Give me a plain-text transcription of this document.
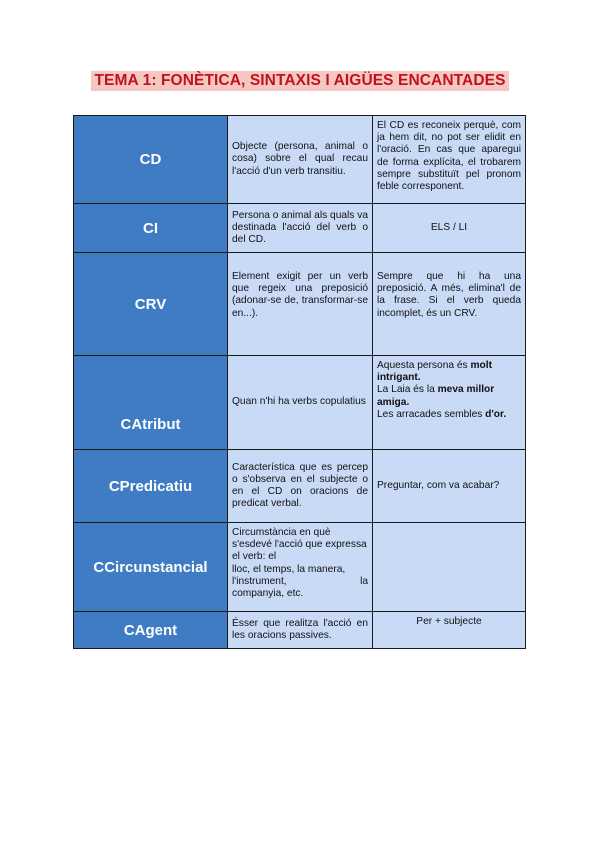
TEMA 1: FONÈTICA, SINTAXIS I AIGÜES ENCANTADES
CD	Objecte (persona, animal o cosa) sobre el qual recau l'acció d'un verb transitiu.	El CD es reconeix perquè, com ja hem dit, no pot ser elidit en l'oració. En cas que aparegui de forma explícita, el trobarem sempre substituït pel pronom feble corresponent.
CI	Persona o animal als quals va destinada l'acció del verb o del CD.	ELS / LI
CRV	Element exigit per un verb que regeix una preposició (adonar-se de, transformar-se en...).	Sempre que hi ha una preposició. A més, elimina'l de la frase. Si el verb queda incomplet, és un CRV.
CAtribut	Quan n'hi ha verbs copulatius	Aquesta persona és molt intrigant.
La Laia és la meva millor amiga.
Les arracades sembles d'or.
CPredicatiu	Característica que es percep o s'observa en el subjecte o en el CD on oracions de predicat verbal.	Preguntar, com va acabar?
CCircunstancial	Circumstància en què s'esdevé l'acció que expressa el verb: el
lloc, el temps, la manera,
l'instrument, la
companyia, etc.	
CAgent	Ésser que realitza l'acció en les oracions passives.	Per + subjecte
